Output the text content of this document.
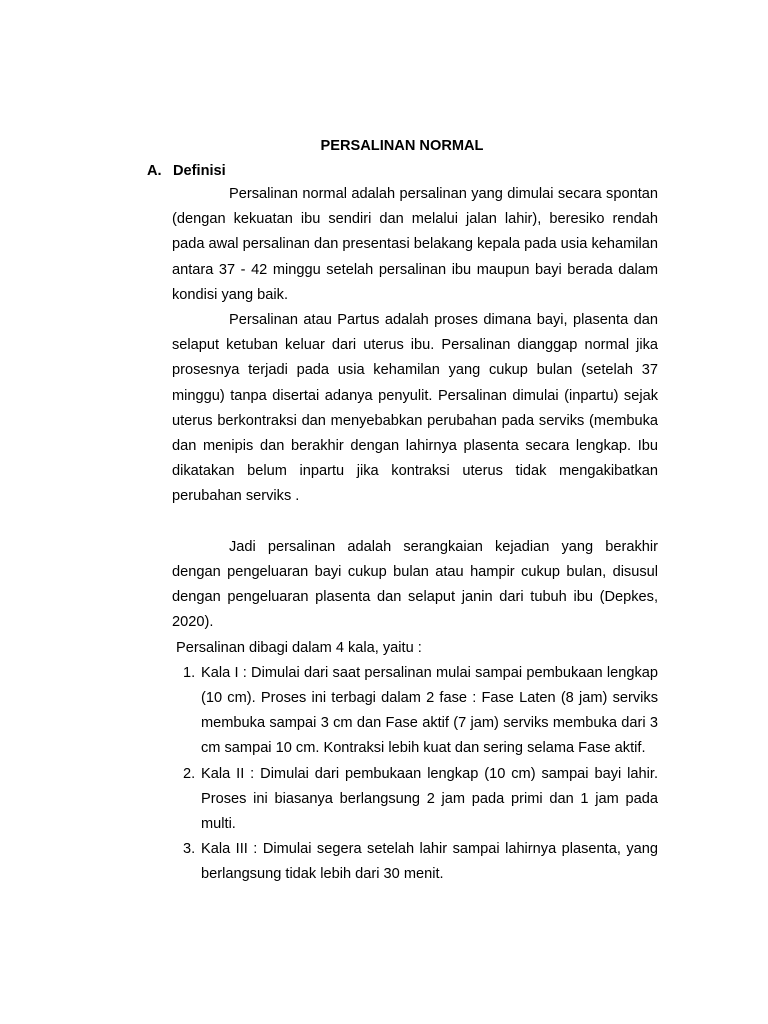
PERSALINAN NORMAL
A. Definisi

Persalinan normal adalah persalinan yang dimulai secara spontan (dengan kekuatan ibu sendiri dan melalui jalan lahir), beresiko rendah pada awal persalinan dan presentasi belakang kepala pada usia kehamilan antara 37 - 42 minggu setelah persalinan ibu maupun bayi berada dalam kondisi yang baik.

Persalinan atau Partus adalah proses dimana bayi, plasenta dan selaput ketuban keluar dari uterus ibu. Persalinan dianggap normal jika prosesnya terjadi pada usia kehamilan yang cukup bulan (setelah 37 minggu) tanpa disertai adanya penyulit. Persalinan dimulai (inpartu) sejak uterus berkontraksi dan menyebabkan perubahan pada serviks (membuka dan menipis dan berakhir dengan lahirnya plasenta secara lengkap. Ibu dikatakan belum inpartu jika kontraksi uterus tidak mengakibatkan perubahan serviks .

Jadi persalinan adalah serangkaian kejadian yang berakhir dengan pengeluaran bayi cukup bulan atau hampir cukup bulan, disusul dengan pengeluaran plasenta dan selaput janin dari tubuh ibu (Depkes, 2020).

Persalinan dibagi dalam 4 kala, yaitu :

1. Kala I : Dimulai dari saat persalinan mulai sampai pembukaan lengkap (10 cm). Proses ini terbagi dalam 2 fase : Fase Laten (8 jam) serviks membuka sampai 3 cm dan Fase aktif (7 jam) serviks membuka dari 3 cm sampai 10 cm. Kontraksi lebih kuat dan sering selama Fase aktif.
2. Kala II : Dimulai dari pembukaan lengkap (10 cm) sampai bayi lahir. Proses ini biasanya berlangsung 2 jam pada primi dan 1 jam pada multi.
3. Kala III : Dimulai segera setelah lahir sampai lahirnya plasenta, yang berlangsung tidak lebih dari 30 menit.
